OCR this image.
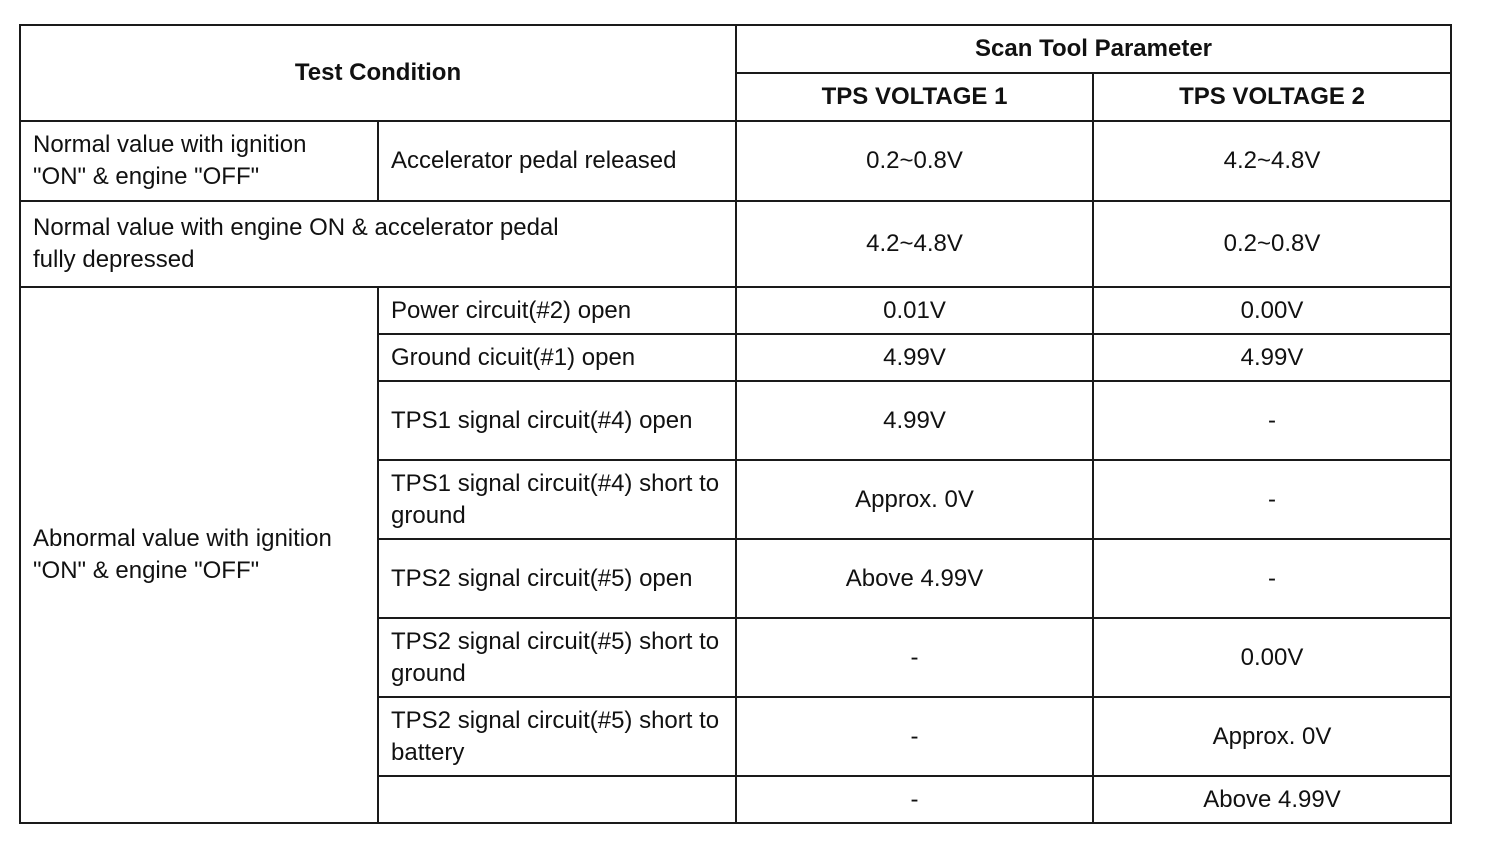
Test Condition		Scan Tool Parameter	
		TPS VOLTAGE 1	TPS VOLTAGE 2
Normal value with ignition "ON" & engine "OFF"	Accelerator pedal released	0.2~0.8V	4.2~4.8V
Normal value with engine ON & accelerator pedal fully depressed		4.2~4.8V	0.2~0.8V
Abnormal value with ignition "ON" & engine "OFF"	Power circuit(#2) open	0.01V	0.00V
	Ground cicuit(#1) open	4.99V	4.99V
	TPS1 signal circuit(#4) open	4.99V	-
	TPS1 signal circuit(#4) short to ground	Approx. 0V	-
	TPS2 signal circuit(#5) open	Above 4.99V	-
	TPS2 signal circuit(#5) short to ground	-	0.00V
	TPS2 signal circuit(#5) short to battery	-	Approx. 0V
		-	Above 4.99V
